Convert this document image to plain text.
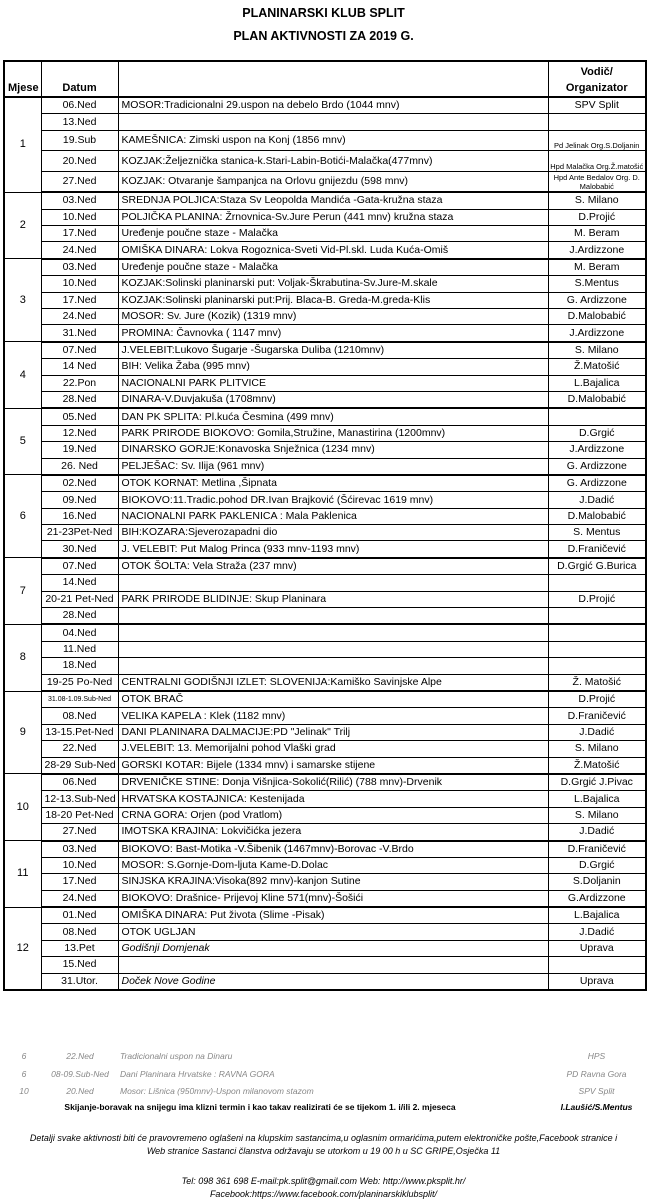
PLANINARSKI KLUB SPLIT
PLAN AKTIVNOSTI ZA 2019 G.
Mjese	Datum		Vodič/
Organizator

1	06.Ned	MOSOR:Tradicionalni 29.uspon na debelo Brdo (1044 mnv)	SPV Split
	13.Ned		
	19.Sub	KAMEŠNICA: Zimski uspon na Konj (1856 mnv)	Pd Jelinak Org.S.Doljanin
	20.Ned	KOZJAK:Željeznička stanica-k.Stari-Labin-Botići-Malačka(477mnv)	Hpd Malačka Org.Ž.matošić
	27.Ned	KOZJAK: Otvaranje šampanjca na Orlovu gnijezdu (598 mnv)	Hpd Ante Bedalov Org. D. Malobabić
2	03.Ned	SREDNJA POLJICA:Staza Sv Leopolda Mandića -Gata-kružna staza	S. Milano
	10.Ned	POLJIČKA PLANINA: Žrnovnica-Sv.Jure Perun (441 mnv) kružna staza	D.Projić
	17.Ned	Uređenje poučne staze - Malačka	M. Beram
	24.Ned	OMIŠKA DINARA: Lokva Rogoznica-Sveti Vid-Pl.skl. Luda Kuća-Omiš	J.Ardizzone
3	03.Ned	Uređenje poučne staze - Malačka	M. Beram
	10.Ned	KOZJAK:Solinski planinarski put: Voljak-Škrabutina-Sv.Jure-M.skale	S.Mentus
	17.Ned	KOZJAK:Solinski planinarski put:Prij. Blaca-B. Greda-M.greda-Klis	G. Ardizzone
	24.Ned	MOSOR: Sv. Jure (Kozik) (1319 mnv)	D.Malobabić
	31.Ned	PROMINA: Čavnovka ( 1147 mnv)	J.Ardizzone
4	07.Ned	J.VELEBIT:Lukovo Šugarje -Šugarska Duliba (1210mnv)	S. Milano
	14 Ned	BIH: Velika Žaba (995 mnv)	Ž.Matošić
	22.Pon	NACIONALNI PARK PLITVICE	L.Bajalica
	28.Ned	DINARA-V.Duvjakuša (1708mnv)	D.Malobabić
5	05.Ned	DAN PK SPLITA: Pl.kuća Česmina (499 mnv)	
	12.Ned	PARK PRIRODE BIOKOVO: Gomila,Stružine, Manastirina (1200mnv)	D.Grgić
	19.Ned	DINARSKO GORJE:Konavoska Snježnica (1234 mnv)	J.Ardizzone
	26. Ned	PELJEŠAC: Sv. Ilija (961 mnv)	G. Ardizzone
6	02.Ned	OTOK KORNAT: Metlina ,Šipnata	G. Ardizzone
	09.Ned	BIOKOVO:11.Tradic.pohod DR.Ivan Brajković (Šćirevac 1619 mnv)	J.Dadić
	16.Ned	NACIONALNI PARK PAKLENICA : Mala Paklenica	D.Malobabić
	21-23Pet-Ned	BIH:KOZARA:Sjeverozapadni dio	S. Mentus
	30.Ned	J. VELEBIT: Put Malog Princa (933 mnv-1193 mnv)	D.Franičević
7	07.Ned	OTOK ŠOLTA: Vela Straža (237 mnv)	D.Grgić G.Burica
	14.Ned		
	20-21 Pet-Ned	PARK PRIRODE BLIDINJE: Skup Planinara	D.Projić
	28.Ned		
8	04.Ned		
	11.Ned		
	18.Ned		
	19-25 Po-Ned	CENTRALNI GODIŠNJI IZLET: SLOVENIJA:Kamiško Savinjske Alpe	Ž. Matošić
9	31.08-1.09.Sub-Ned	OTOK BRAČ	D.Projić
	08.Ned	VELIKA KAPELA : Klek (1182 mnv)	D.Franičević
	13-15.Pet-Ned	DANI PLANINARA DALMACIJE:PD "Jelinak" Trilj	J.Dadić
	22.Ned	J.VELEBIT: 13. Memorijalni pohod Vlaški grad	S. Milano
	28-29 Sub-Ned	GORSKI KOTAR: Bijele (1334 mnv) i samarske stijene	Ž.Matošić
10	06.Ned	DRVENIČKE STINE: Donja Višnjica-Sokolić(Rilić) (788 mnv)-Drvenik	D.Grgić J.Pivac
	12-13.Sub-Ned	HRVATSKA KOSTAJNICA: Kestenijada	L.Bajalica
	18-20 Pet-Ned	CRNA GORA: Orjen (pod Vratlom)	S. Milano
	27.Ned	IMOTSKA KRAJINA: Lokvičićka jezera	J.Dadić
11	03.Ned	BIOKOVO: Bast-Motika -V.Šibenik (1467mnv)-Borovac -V.Brdo	D.Franičević
	10.Ned	MOSOR: S.Gornje-Dom-ljuta Kame-D.Dolac	D.Grgić
	17.Ned	SINJSKA KRAJINA:Visoka(892 mnv)-kanjon Sutine	S.Doljanin
	24.Ned	BIOKOVO: Drašnice- Prijevoj Kline 571(mnv)-Šošići	G.Ardizzone
12	01.Ned	OMIŠKA DINARA: Put života (Slime -Pisak)	L.Bajalica
	08.Ned	OTOK UGLJAN	J.Dadić
	13.Pet	Godišnji Domjenak	Uprava
	15.Ned		
	31.Utor.	Doček Nove Godine	Uprava
6	22.Ned	Tradicionalni uspon na Dinaru	HPS
6	08-09.Sub-Ned	Dani Planinara Hrvatske : RAVNA GORA	PD Ravna Gora
10	20.Ned	Mosor: Lišnica (950mnv)-Uspon milanovom stazom	SPV Split
Skijanje-boravak na snijegu ima klizni termin i kao takav realizirati će se tijekom 1. i/ili 2. mjeseca	I.Laušić/S.Mentus
Detalji svake aktivnosti biti će pravovremeno oglašeni na klupskim sastancima,u oglasnim ormarićima,putem elektroničke pošte,Facebook stranice i
Web stranice Sastanci članstva održavaju se utorkom u 19 00 h u SC GRIPE,Osječka 11
Tel: 098 361 698 E-mail:pk.split@gmail.com Web: http://www.pksplit.hr/
Facebook:https://www.facebook.com/planinarskiklubsplit/
